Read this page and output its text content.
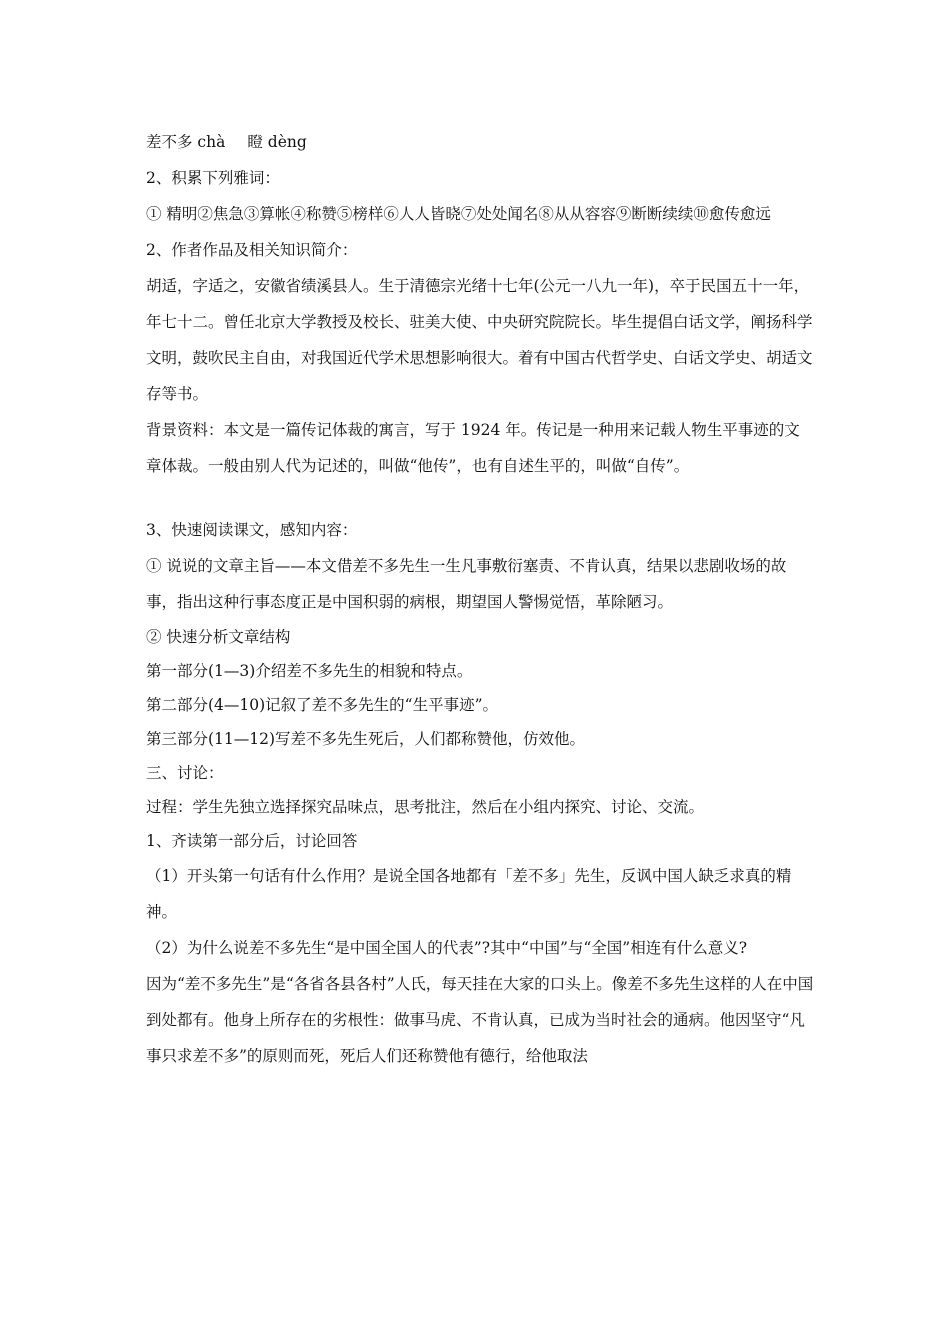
差不多 chà 瞪 dèng

2、积累下列雅词：

① 精明②焦急③算帐④称赞⑤榜样⑥人人皆晓⑦处处闻名⑧从从容容⑨断断续续⑩愈传愈远

2、作者作品及相关知识简介：

胡适，字适之，安徽省绩溪县人。生于清德宗光绪十七年(公元一八九一年)，卒于民国五十一年，年七十二。曾任北京大学教授及校长、驻美大使、中央研究院院长。毕生提倡白话文学，阐扬科学文明，鼓吹民主自由，对我国近代学术思想影响很大。着有中国古代哲学史、白话文学史、胡适文存等书。

背景资料：本文是一篇传记体裁的寓言，写于 1924 年。传记是一种用来记载人物生平事迹的文章体裁。一般由别人代为记述的，叫做“他传”，也有自述生平的，叫做“自传”。

3、快速阅读课文，感知内容：

① 说说的文章主旨——本文借差不多先生一生凡事敷衍塞责、不肯认真，结果以悲剧收场的故事，指出这种行事态度正是中国积弱的病根，期望国人警惕觉悟，革除陋习。

② 快速分析文章结构

第一部分(1—3)介绍差不多先生的相貌和特点。

第二部分(4—10)记叙了差不多先生的“生平事迹”。

第三部分(11—12)写差不多先生死后，人们都称赞他，仿效他。

三、讨论：

过程：学生先独立选择探究品味点，思考批注，然后在小组内探究、讨论、交流。

1、齐读第一部分后，讨论回答

（1）开头第一句话有什么作用？是说全国各地都有「差不多」先生，反讽中国人缺乏求真的精神。

（2）为什么说差不多先生“是中国全国人的代表”?其中“中国”与“全国”相连有什么意义?

因为“差不多先生”是“各省各县各村”人氏，每天挂在大家的口头上。像差不多先生这样的人在中国到处都有。他身上所存在的劣根性：做事马虎、不肯认真，已成为当时社会的通病。他因坚守“凡事只求差不多”的原则而死，死后人们还称赞他有德行，给他取法
